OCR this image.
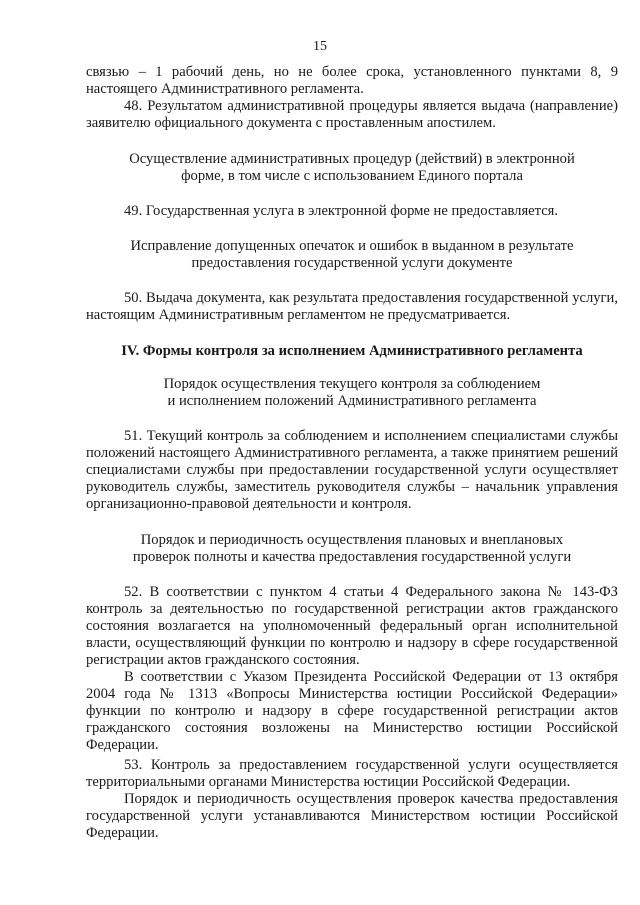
15

связью – 1 рабочий день, но не более срока, установленного пунктами 8, 9 настоящего Административного регламента.

48. Результатом административной процедуры является выдача (направление) заявителю официального документа с проставленным апостилем.

Осуществление административных процедур (действий) в электронной

форме, в том числе с использованием Единого портала

49. Государственная услуга в электронной форме не предоставляется.

Исправление допущенных опечаток и ошибок в выданном в результате

предоставления государственной услуги документе

50. Выдача документа, как результата предоставления государственной услуги, настоящим Административным регламентом не предусматривается.

IV. Формы контроля за исполнением Административного регламента

Порядок осуществления текущего контроля за соблюдением

и исполнением положений Административного регламента

51. Текущий контроль за соблюдением и исполнением специалистами службы положений настоящего Административного регламента, а также принятием решений специалистами службы при предоставлении государственной услуги осуществляет руководитель службы, заместитель руководителя службы – начальник управления организационно-правовой деятельности и контроля.

Порядок и периодичность осуществления плановых и внеплановых

проверок полноты и качества предоставления государственной услуги

52. В соответствии с пунктом 4 статьи 4 Федерального закона № 143-ФЗ контроль за деятельностью по государственной регистрации актов гражданского состояния возлагается на уполномоченный федеральный орган исполнительной власти, осуществляющий функции по контролю и надзору в сфере государственной регистрации актов гражданского состояния.

В соответствии с Указом Президента Российской Федерации от 13 октября 2004 года № 1313 «Вопросы Министерства юстиции Российской Федерации» функции по контролю и надзору в сфере государственной регистрации актов гражданского состояния возложены на Министерство юстиции Российской Федерации.

53. Контроль за предоставлением государственной услуги осуществляется территориальными органами Министерства юстиции Российской Федерации.

Порядок и периодичность осуществления проверок качества предоставления государственной услуги устанавливаются Министерством юстиции Российской Федерации.
